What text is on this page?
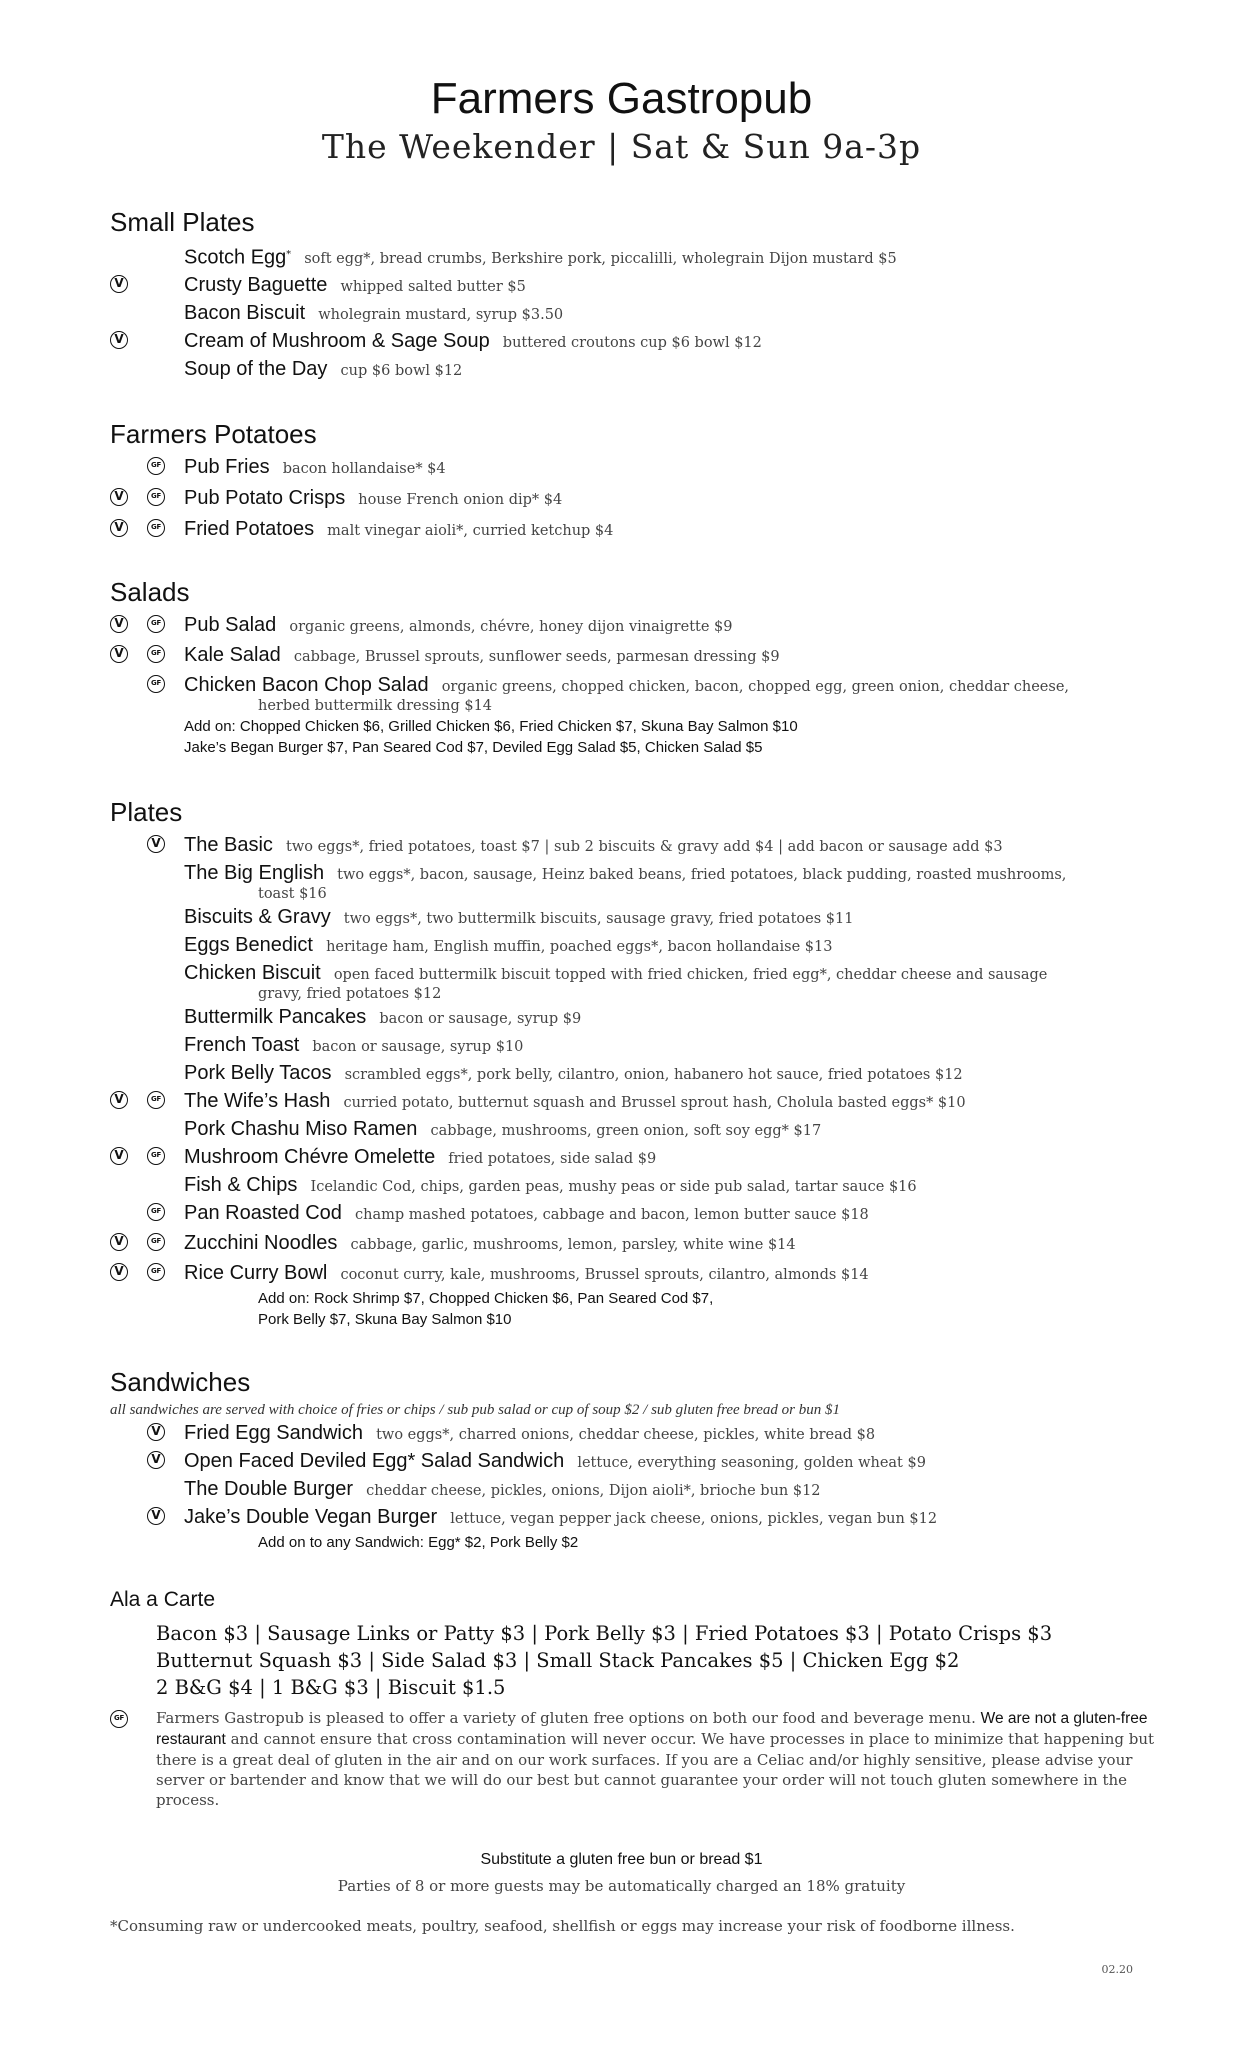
Farmers Gastropub
The Weekender | Sat & Sun 9a-3p
Small Plates
Scotch Egg* soft egg*, bread crumbs, Berkshire pork, piccalilli, wholegrain Dijon mustard $5
V	Crusty Baguette whipped salted butter $5
Bacon Biscuit wholegrain mustard, syrup $3.50
V	Cream of Mushroom & Sage Soup buttered croutons cup $6 bowl $12
Soup of the Day cup $6 bowl $12
Farmers Potatoes
GF Pub Fries bacon hollandaise* $4
V	GF Pub Potato Crisps house French onion dip* $4
V	GF Fried Potatoes malt vinegar aioli*, curried ketchup $4
Salads
V	GF Pub Salad organic greens, almonds, chévre, honey dijon vinaigrette $9
V	GF Kale Salad cabbage, Brussel sprouts, sunflower seeds, parmesan dressing $9
GF Chicken Bacon Chop Salad organic greens, chopped chicken, bacon, chopped egg, green onion, cheddar cheese,
herbed buttermilk dressing $14
Add on: Chopped Chicken $6, Grilled Chicken $6, Fried Chicken $7, Skuna Bay Salmon $10
Jake’s Began Burger $7, Pan Seared Cod $7, Deviled Egg Salad $5, Chicken Salad $5
Plates
V The Basic two eggs*, fried potatoes, toast $7 | sub 2 biscuits & gravy add $4 | add bacon or sausage add $3
The Big English two eggs*, bacon, sausage, Heinz baked beans, fried potatoes, black pudding, roasted mushrooms,
toast $16
Biscuits & Gravy two eggs*, two buttermilk biscuits, sausage gravy, fried potatoes $11
Eggs Benedict heritage ham, English muffin, poached eggs*, bacon hollandaise $13
Chicken Biscuit open faced buttermilk biscuit topped with fried chicken, fried egg*, cheddar cheese and sausage
gravy, fried potatoes $12
Buttermilk Pancakes bacon or sausage, syrup $9
French Toast bacon or sausage, syrup $10
Pork Belly Tacos scrambled eggs*, pork belly, cilantro, onion, habanero hot sauce, fried potatoes $12
V	GF The Wife’s Hash curried potato, butternut squash and Brussel sprout hash, Cholula basted eggs* $10
Pork Chashu Miso Ramen cabbage, mushrooms, green onion, soft soy egg* $17
V	GF Mushroom Chévre Omelette fried potatoes, side salad $9
Fish & Chips Icelandic Cod, chips, garden peas, mushy peas or side pub salad, tartar sauce $16
GF Pan Roasted Cod champ mashed potatoes, cabbage and bacon, lemon butter sauce $18
V	GF Zucchini Noodles cabbage, garlic, mushrooms, lemon, parsley, white wine $14
V	GF Rice Curry Bowl coconut curry, kale, mushrooms, Brussel sprouts, cilantro, almonds $14
Add on: Rock Shrimp $7, Chopped Chicken $6, Pan Seared Cod $7,
Pork Belly $7, Skuna Bay Salmon $10
Sandwiches
all sandwiches are served with choice of fries or chips / sub pub salad or cup of soup $2 / sub gluten free bread or bun $1
V Fried Egg Sandwich two eggs*, charred onions, cheddar cheese, pickles, white bread $8
V Open Faced Deviled Egg* Salad Sandwich lettuce, everything seasoning, golden wheat $9
The Double Burger cheddar cheese, pickles, onions, Dijon aioli*, brioche bun $12
V Jake’s Double Vegan Burger lettuce, vegan pepper jack cheese, onions, pickles, vegan bun $12
Add on to any Sandwich: Egg* $2, Pork Belly $2
Ala a Carte
Bacon $3 | Sausage Links or Patty $3 | Pork Belly $3 | Fried Potatoes $3 | Potato Crisps $3
Butternut Squash $3 | Side Salad $3 | Small Stack Pancakes $5 | Chicken Egg $2
2 B&G $4 | 1 B&G $3 | Biscuit $1.5
GF	Farmers Gastropub is pleased to offer a variety of gluten free options on both our food and beverage menu. We are not a gluten-free restaurant and cannot ensure that cross contamination will never occur. We have processes in place to minimize that happening but there is a great deal of gluten in the air and on our work surfaces. If you are a Celiac and/or highly sensitive, please advise your server or bartender and know that we will do our best but cannot guarantee your order will not touch gluten somewhere in the process.
Substitute a gluten free bun or bread $1
Parties of 8 or more guests may be automatically charged an 18% gratuity
*Consuming raw or undercooked meats, poultry, seafood, shellfish or eggs may increase your risk of foodborne illness.
02.20
